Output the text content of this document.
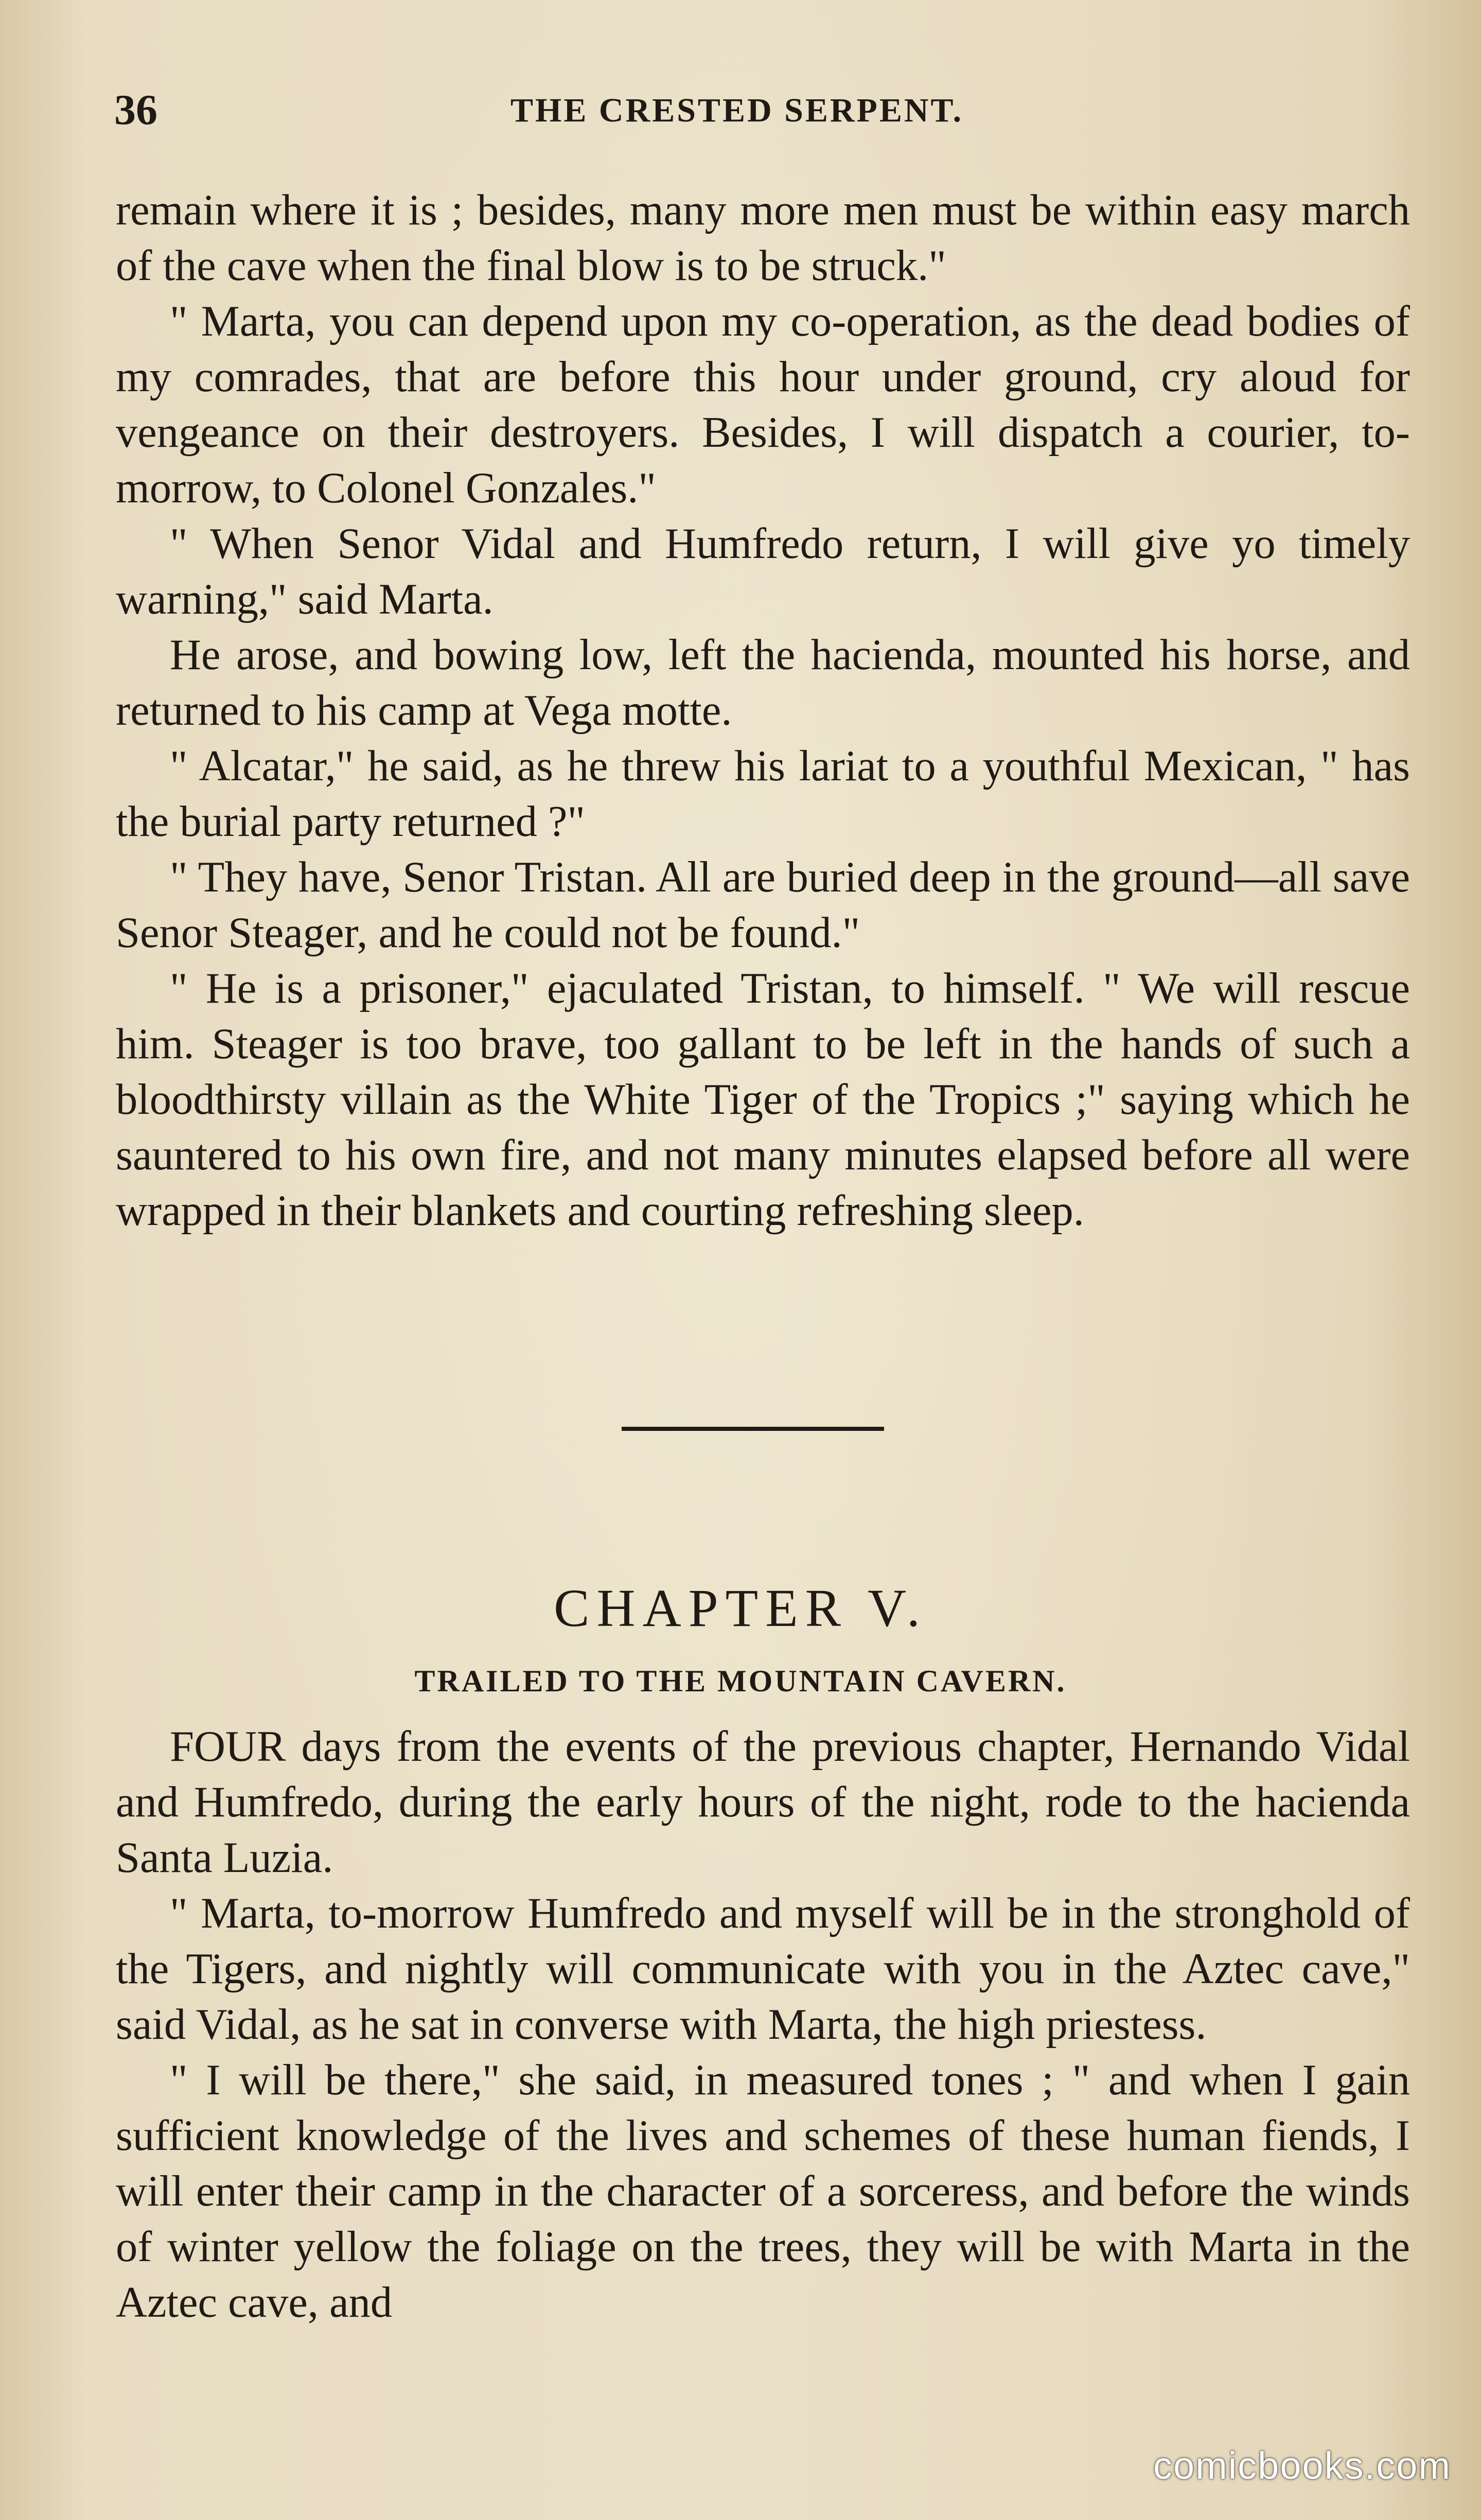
36	THE CRESTED SERPENT.

remain where it is ; besides, many more men must be within easy march of the cave when the final blow is to be struck."

" Marta, you can depend upon my co-operation, as the dead bodies of my comrades, that are before this hour under ground, cry aloud for vengeance on their destroyers. Besides, I will dispatch a courier, to-morrow, to Colonel Gonzales."

" When Senor Vidal and Humfredo return, I will give yo timely warning," said Marta.

He arose, and bowing low, left the hacienda, mounted his horse, and returned to his camp at Vega motte.

" Alcatar," he said, as he threw his lariat to a youthful Mexican, " has the burial party returned ?"

" They have, Senor Tristan. All are buried deep in the ground—all save Senor Steager, and he could not be found."

" He is a prisoner," ejaculated Tristan, to himself. " We will rescue him. Steager is too brave, too gallant to be left in the hands of such a bloodthirsty villain as the White Tiger of the Tropics ;" saying which he sauntered to his own fire, and not many minutes elapsed before all were wrapped in their blankets and courting refreshing sleep.

CHAPTER V.
TRAILED TO THE MOUNTAIN CAVERN.

FOUR days from the events of the previous chapter, Hernando Vidal and Humfredo, during the early hours of the night, rode to the hacienda Santa Luzia.

" Marta, to-morrow Humfredo and myself will be in the stronghold of the Tigers, and nightly will communicate with you in the Aztec cave," said Vidal, as he sat in converse with Marta, the high priestess.

" I will be there," she said, in measured tones ; " and when I gain sufficient knowledge of the lives and schemes of these human fiends, I will enter their camp in the character of a sorceress, and before the winds of winter yellow the foliage on the trees, they will be with Marta in the Aztec cave, and

comicbooks.com
